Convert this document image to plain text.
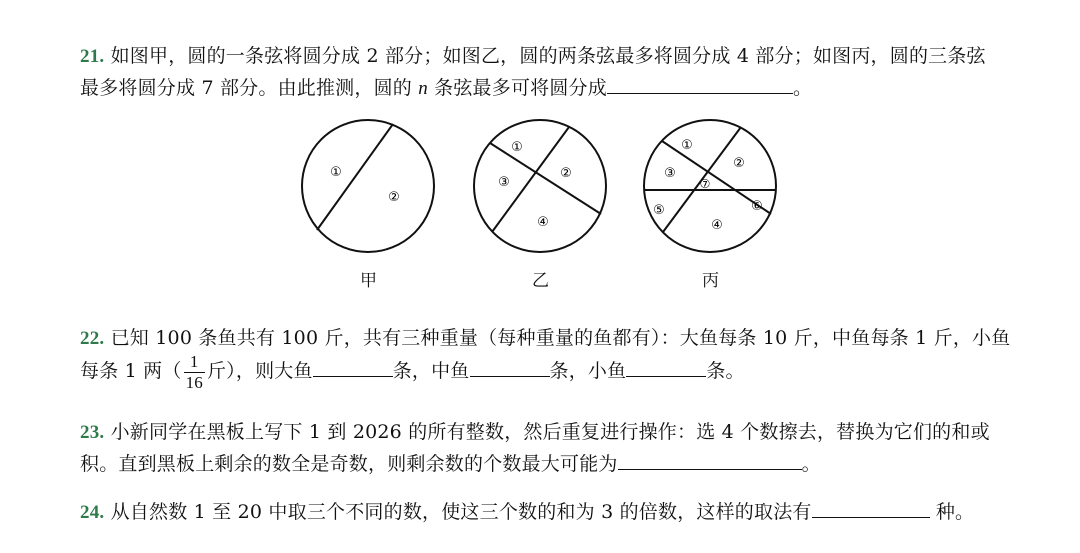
21. 如图甲，圆的一条弦将圆分成 2 部分；如图乙，圆的两条弦最多将圆分成 4 部分；如图丙，圆的三条弦
最多将圆分成 7 部分。由此推测，圆的 n 条弦最多可将圆分成	。
①
②
①
②
③
④
①
②
③
④
⑤	⑥
⑦
甲	乙	丙
22. 已知 100 条鱼共有 100 斤，共有三种重量（每种重量的鱼都有）：大鱼每条 10 斤，中鱼每条 1 斤，小鱼
每条 1 两（ $\frac{1}{16}$ 斤），则大鱼	条，中鱼	条，小鱼	条。
23. 小新同学在黑板上写下 1 到 2026 的所有整数，然后重复进行操作：选 4 个数擦去，替换为它们的和或
积。直到黑板上剩余的数全是奇数，则剩余数的个数最大可能为	。
24. 从自然数 1 至 20 中取三个不同的数，使这三个数的和为 3 的倍数，这样的取法有	种。
